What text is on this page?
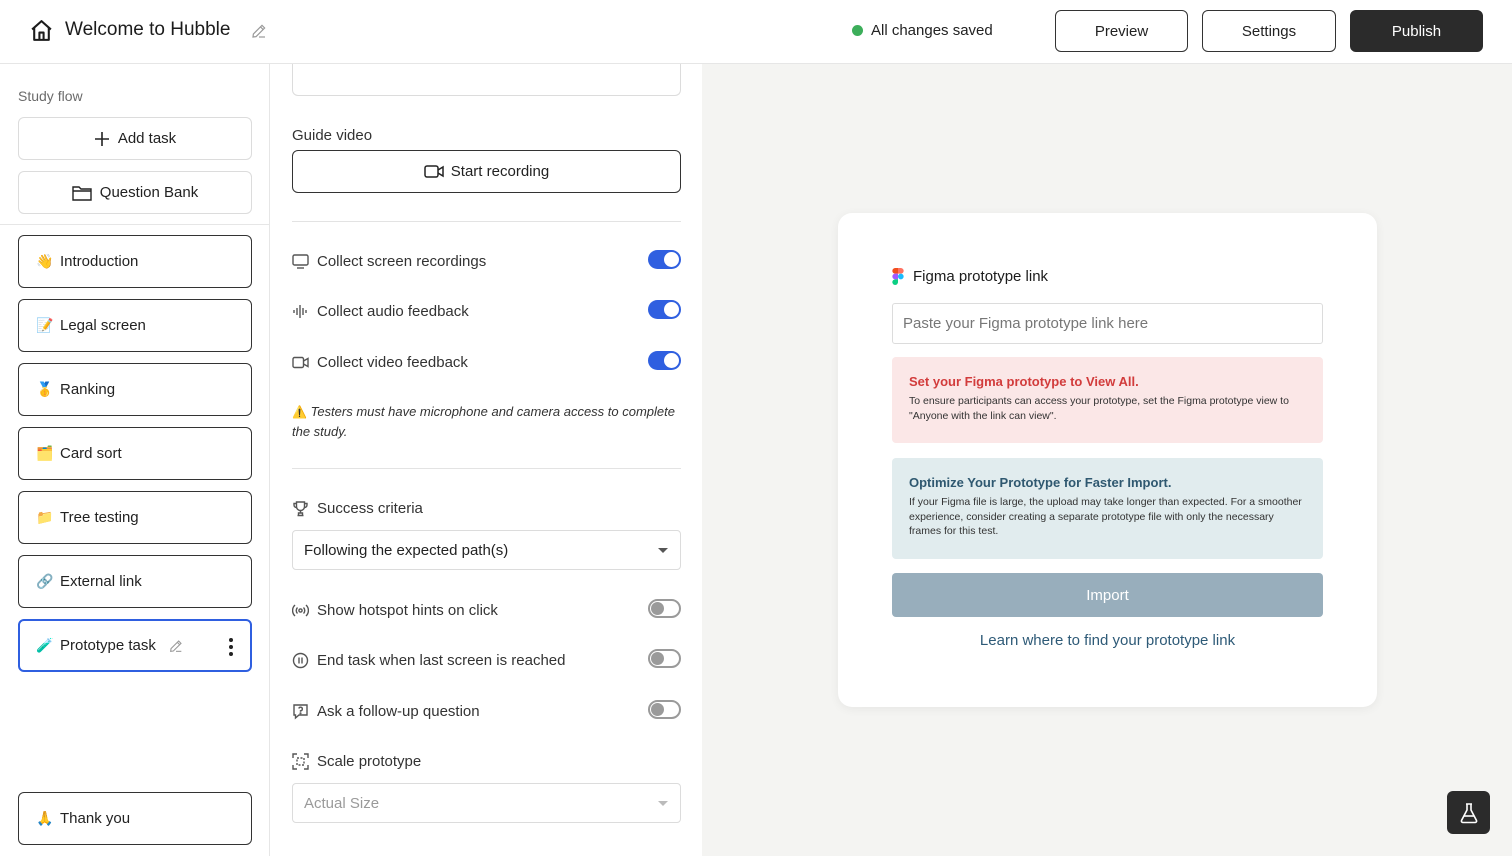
Welcome to Hubble	All changes saved	Preview	Settings	Publish
Study flow
Add task
Question Bank
👋 Introduction
📝 Legal screen
🥇 Ranking
🗂️ Card sort
📁 Tree testing
🔗 External link
🧪 Prototype task
🙏 Thank you
Guide video
Start recording
Collect screen recordings
Collect audio feedback
Collect video feedback
⚠️ Testers must have microphone and camera access to complete the study.
Success criteria
Following the expected path(s)
Show hotspot hints on click
End task when last screen is reached
Ask a follow-up question
Scale prototype
Actual Size
Figma prototype link
Paste your Figma prototype link here
Set your Figma prototype to View All.
To ensure participants can access your prototype, set the Figma prototype view to "Anyone with the link can view".
Optimize Your Prototype for Faster Import.
If your Figma file is large, the upload may take longer than expected. For a smoother experience, consider creating a separate prototype file with only the necessary frames for this test.
Import
Learn where to find your prototype link
